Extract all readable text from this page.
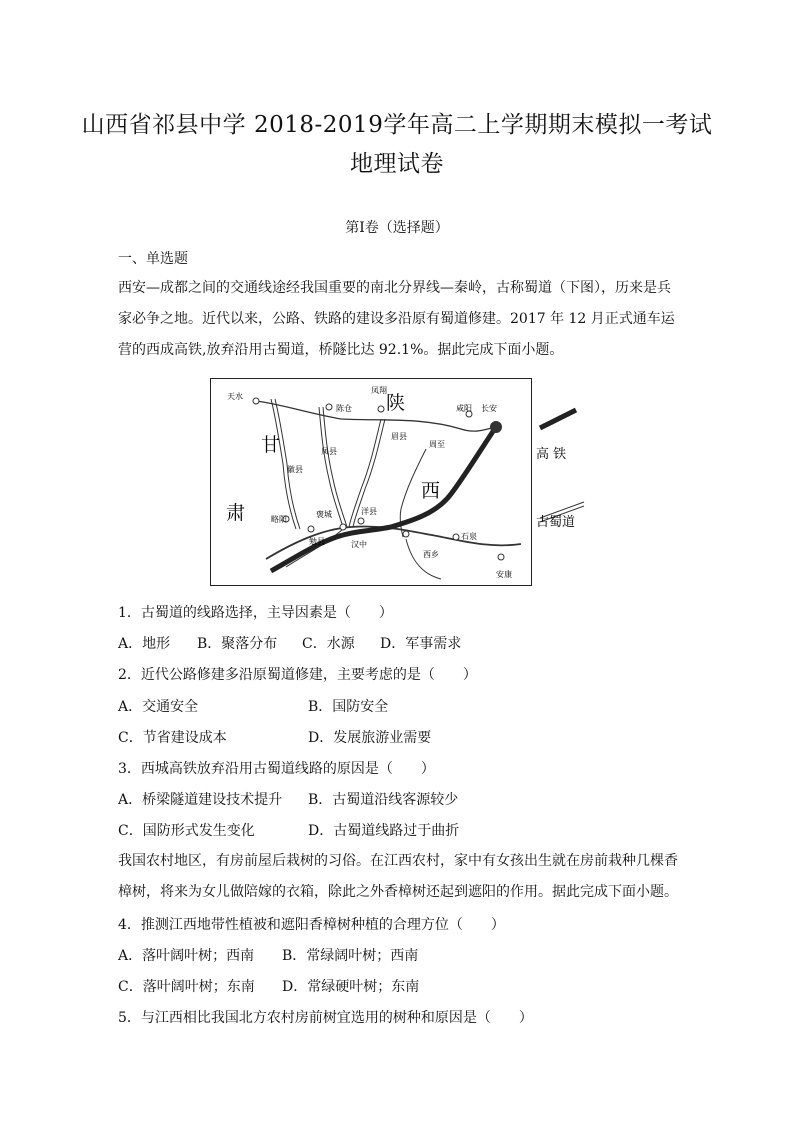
山西省祁县中学 2018-2019学年高二上学期期末模拟一考试
地理试卷
第Ⅰ卷（选择题）
一、单选题
西安—成都之间的交通线途经我国重要的南北分界线—秦岭，古称蜀道（下图），历来是兵家必争之地。近代以来，公路、铁路的建设多沿原有蜀道修建。2017 年 12 月正式通车运营的西成高铁,放弃沿用古蜀道，桥隧比达 92.1%。据此完成下面小题。
天水
凤翔
陈仓	咸阳 长安
凤县
眉县
徽县
洋县
略阳
褒城
勉县	汉中
西乡
石泉
安康
周至
陕
西
甘
肃
高 铁
古蜀道
1．古蜀道的线路选择，主导因素是（　　）
A．地形 B．聚落分布 C．水源 D．军事需求
2．近代公路修建多沿原蜀道修建，主要考虑的是（　　）
A．交通安全	B．国防安全
C．节省建设成本	D．发展旅游业需要
3．西城高铁放弃沿用古蜀道线路的原因是（　　）
A．桥梁隧道建设技术提升 B．古蜀道沿线客源较少
C．国防形式发生变化	D．古蜀道线路过于曲折
我国农村地区，有房前屋后栽树的习俗。在江西农村，家中有女孩出生就在房前栽种几棵香樟树，将来为女儿做陪嫁的衣箱，除此之外香樟树还起到遮阳的作用。据此完成下面小题。
4．推测江西地带性植被和遮阳香樟树种植的合理方位（　　）
A．落叶阔叶树；西南 B．常绿阔叶树；西南
C．落叶阔叶树；东南 D．常绿硬叶树；东南
5．与江西相比我国北方农村房前树宜选用的树种和原因是（　　）
